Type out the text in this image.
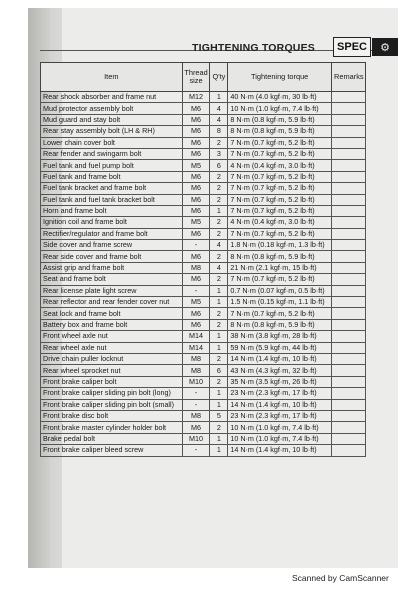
TIGHTENING TORQUES	SPEC	⚙
Item	Thread size	Q'ty	Tightening torque	Remarks
Rear shock absorber and frame nut	M12	1	40 N·m (4.0 kgf·m, 30 lb·ft)	
Mud protector assembly bolt	M6	4	10 N·m (1.0 kgf·m, 7.4 lb·ft)	
Mud guard and stay bolt	M6	4	8 N·m (0.8 kgf·m, 5.9 lb·ft)	
Rear stay assembly bolt (LH & RH)	M6	8	8 N·m (0.8 kgf·m, 5.9 lb·ft)	
Lower chain cover bolt	M6	2	7 N·m (0.7 kgf·m, 5.2 lb·ft)	
Rear fender and swingarm bolt	M6	3	7 N·m (0.7 kgf·m, 5.2 lb·ft)	
Fuel tank and fuel pump bolt	M5	6	4 N·m (0.4 kgf·m, 3.0 lb·ft)	
Fuel tank and frame bolt	M6	2	7 N·m (0.7 kgf·m, 5.2 lb·ft)	
Fuel tank bracket and frame bolt	M6	2	7 N·m (0.7 kgf·m, 5.2 lb·ft)	
Fuel tank and fuel tank bracket bolt	M6	2	7 N·m (0.7 kgf·m, 5.2 lb·ft)	
Horn and frame bolt	M6	1	7 N·m (0.7 kgf·m, 5.2 lb·ft)	
Ignition coil and frame bolt	M5	2	4 N·m (0.4 kgf·m, 3.0 lb·ft)	
Rectifier/regulator and frame bolt	M6	2	7 N·m (0.7 kgf·m, 5.2 lb·ft)	
Side cover and frame screw	-	4	1.8 N·m (0.18 kgf·m, 1.3 lb·ft)	
Rear side cover and frame bolt	M6	2	8 N·m (0.8 kgf·m, 5.9 lb·ft)	
Assist grip and frame bolt	M8	4	21 N·m (2.1 kgf·m, 15 lb·ft)	
Seat and frame bolt	M6	2	7 N·m (0.7 kgf·m, 5.2 lb·ft)	
Rear license plate light screw	-	1	0.7 N·m (0.07 kgf·m, 0.5 lb·ft)	
Rear reflector and rear fender cover nut	M5	1	1.5 N·m (0.15 kgf·m, 1.1 lb·ft)	
Seat lock and frame bolt	M6	2	7 N·m (0.7 kgf·m, 5.2 lb·ft)	
Battery box and frame bolt	M6	2	8 N·m (0.8 kgf·m, 5.9 lb·ft)	
Front wheel axle nut	M14	1	38 N·m (3.8 kgf·m, 28 lb·ft)	
Rear wheel axle nut	M14	1	59 N·m (5.9 kgf·m, 44 lb·ft)	
Drive chain puller locknut	M8	2	14 N·m (1.4 kgf·m, 10 lb·ft)	
Rear wheel sprocket nut	M8	6	43 N·m (4.3 kgf·m, 32 lb·ft)	
Front brake caliper bolt	M10	2	35 N·m (3.5 kgf·m, 26 lb·ft)	
Front brake caliper sliding pin bolt (long)	-	1	23 N·m (2.3 kgf·m, 17 lb·ft)	
Front brake caliper sliding pin bolt (small)	-	1	14 N·m (1.4 kgf·m, 10 lb·ft)	
Front brake disc bolt	M8	5	23 N·m (2.3 kgf·m, 17 lb·ft)	
Front brake master cylinder holder bolt	M6	2	10 N·m (1.0 kgf·m, 7.4 lb·ft)	
Brake pedal bolt	M10	1	10 N·m (1.0 kgf·m, 7.4 lb·ft)	
Front brake caliper bleed screw	-	1	14 N·m (1.4 kgf·m, 10 lb·ft)	
Scanned by CamScanner
